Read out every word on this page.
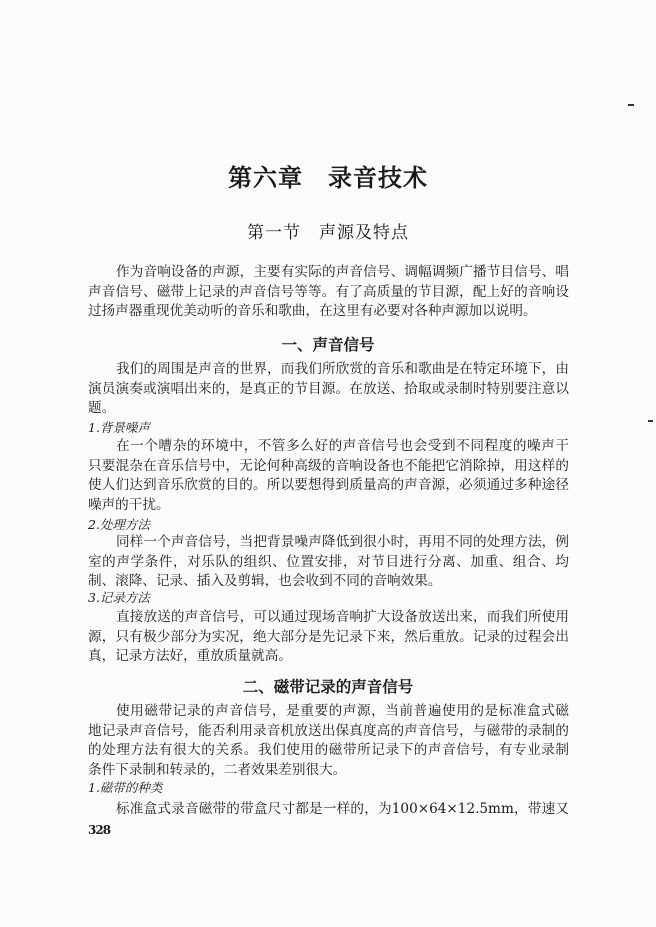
第六章　录音技术
第一节　声源及特点
作为音响设备的声源，主要有实际的声音信号、调幅调频广播节目信号、唱
声音信号、磁带上记录的声音信号等等。有了高质量的节目源，配上好的音响设
过扬声器重现优美动听的音乐和歌曲，在这里有必要对各种声源加以说明。
一、声音信号
我们的周围是声音的世界，而我们所欣赏的音乐和歌曲是在特定环境下，由
演员演奏或演唱出来的，是真正的节目源。在放送、拾取或录制时特别要注意以
题。
1.背景噪声
在一个嘈杂的环境中，不管多么好的声音信号也会受到不同程度的噪声干
只要混杂在音乐信号中，无论何种高级的音响设备也不能把它消除掉，用这样的
使人们达到音乐欣赏的目的。所以要想得到质量高的声音源，必须通过多种途径
噪声的干扰。
2.处理方法
同样一个声音信号，当把背景噪声降低到很小时，再用不同的处理方法，例
室的声学条件，对乐队的组织、位置安排，对节目进行分离、加重、组合、均
制、滚降、记录、插入及剪辑，也会收到不同的音响效果。
3.记录方法
直接放送的声音信号，可以通过现场音响扩大设备放送出来，而我们所使用
源，只有极少部分为实况，绝大部分是先记录下来，然后重放。记录的过程会出
真，记录方法好，重放质量就高。
二、磁带记录的声音信号
使用磁带记录的声音信号，是重要的声源，当前普遍使用的是标准盒式磁
地记录声音信号，能否利用录音机放送出保真度高的声音信号，与磁带的录制的
的处理方法有很大的关系。我们使用的磁带所记录下的声音信号，有专业录制
条件下录制和转录的，二者效果差别很大。
1.磁带的种类
标准盒式录音磁带的带盒尺寸都是一样的，为100×64×12.5mm，带速又
328
